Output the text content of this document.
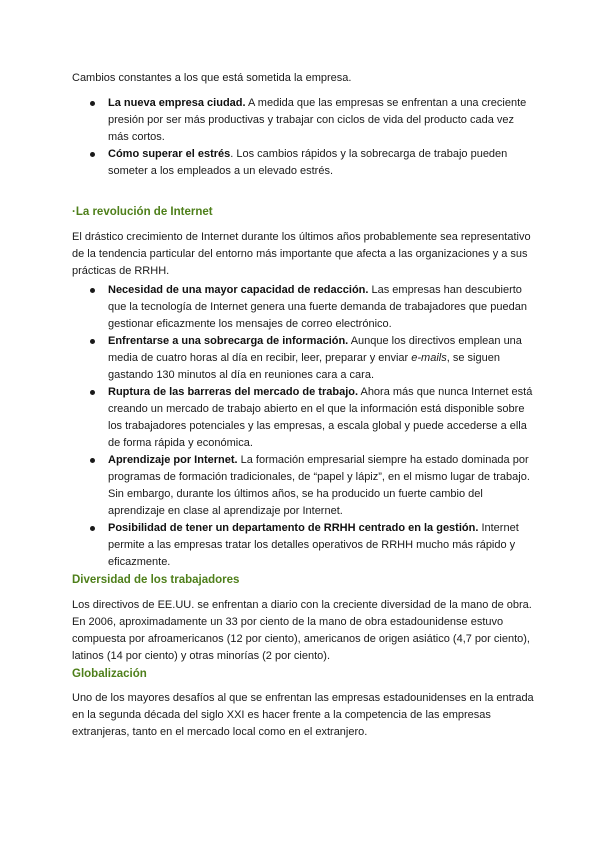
Cambios constantes a los que está sometida la empresa.

La nueva empresa ciudad. A medida que las empresas se enfrentan a una creciente presión por ser más productivas y trabajar con ciclos de vida del producto cada vez más cortos.
Cómo superar el estrés. Los cambios rápidos y la sobrecarga de trabajo pueden someter a los empleados a un elevado estrés.
·La revolución de Internet

El drástico crecimiento de Internet durante los últimos años probablemente sea representativo de la tendencia particular del entorno más importante que afecta a las organizaciones y a sus prácticas de RRHH.

Necesidad de una mayor capacidad de redacción. Las empresas han descubierto que la tecnología de Internet genera una fuerte demanda de trabajadores que puedan gestionar eficazmente los mensajes de correo electrónico.
Enfrentarse a una sobrecarga de información. Aunque los directivos emplean una media de cuatro horas al día en recibir, leer, preparar y enviar e-mails, se siguen gastando 130 minutos al día en reuniones cara a cara.
Ruptura de las barreras del mercado de trabajo. Ahora más que nunca Internet está creando un mercado de trabajo abierto en el que la información está disponible sobre los trabajadores potenciales y las empresas, a escala global y puede accederse a ella de forma rápida y económica.
Aprendizaje por Internet. La formación empresarial siempre ha estado dominada por programas de formación tradicionales, de “papel y lápiz”, en el mismo lugar de trabajo. Sin embargo, durante los últimos años, se ha producido un fuerte cambio del aprendizaje en clase al aprendizaje por Internet.
Posibilidad de tener un departamento de RRHH centrado en la gestión. Internet permite a las empresas tratar los detalles operativos de RRHH mucho más rápido y eficazmente.
Diversidad de los trabajadores

Los directivos de EE.UU. se enfrentan a diario con la creciente diversidad de la mano de obra. En 2006, aproximadamente un 33 por ciento de la mano de obra estadounidense estuvo compuesta por afroamericanos (12 por ciento), americanos de origen asiático (4,7 por ciento), latinos (14 por ciento) y otras minorías (2 por ciento).

Globalización

Uno de los mayores desafíos al que se enfrentan las empresas estadounidenses en la entrada en la segunda década del siglo XXI es hacer frente a la competencia de las empresas extranjeras, tanto en el mercado local como en el extranjero.
